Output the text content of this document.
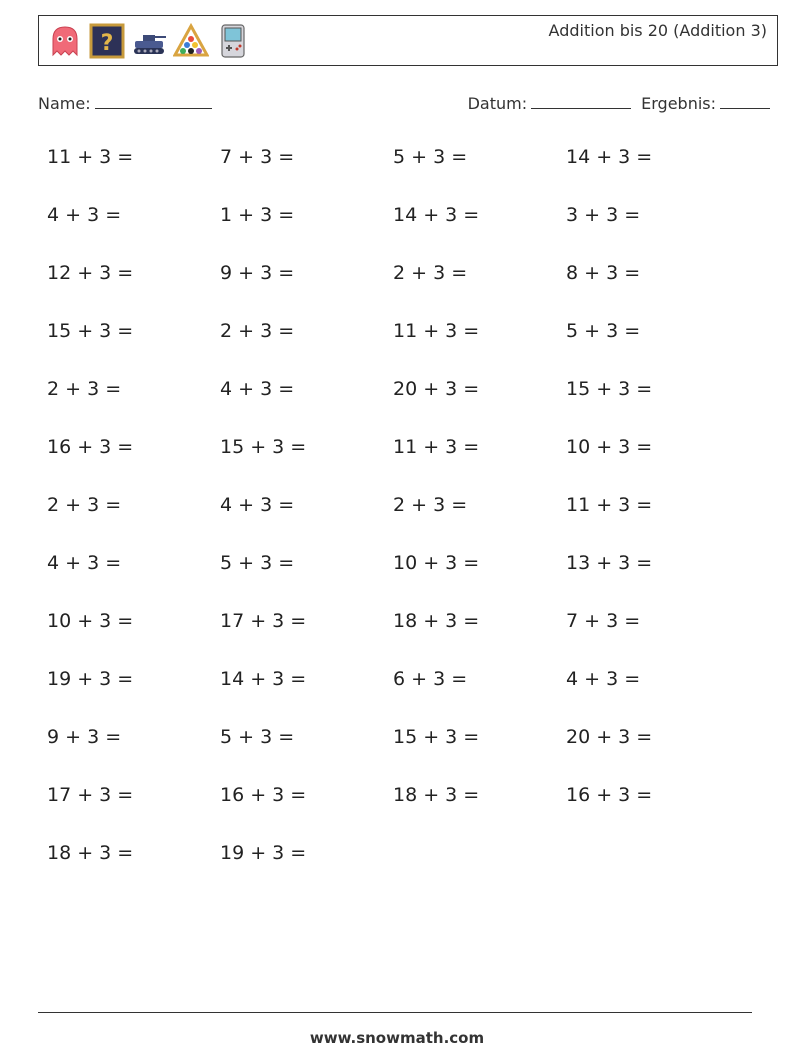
?
Addition bis 20 (Addition 3)
Name:	Datum:	Ergebnis:
11 + 3 =	7 + 3 =	5 + 3 =	14 + 3 =
4 + 3 =	1 + 3 =	14 + 3 =	3 + 3 =
12 + 3 =	9 + 3 =	2 + 3 =	8 + 3 =
15 + 3 =	2 + 3 =	11 + 3 =	5 + 3 =
2 + 3 =	4 + 3 =	20 + 3 =	15 + 3 =
16 + 3 =	15 + 3 =	11 + 3 =	10 + 3 =
2 + 3 =	4 + 3 =	2 + 3 =	11 + 3 =
4 + 3 =	5 + 3 =	10 + 3 =	13 + 3 =
10 + 3 =	17 + 3 =	18 + 3 =	7 + 3 =
19 + 3 =	14 + 3 =	6 + 3 =	4 + 3 =
9 + 3 =	5 + 3 =	15 + 3 =	20 + 3 =
17 + 3 =	16 + 3 =	18 + 3 =	16 + 3 =
18 + 3 =	19 + 3 =
www.snowmath.com
